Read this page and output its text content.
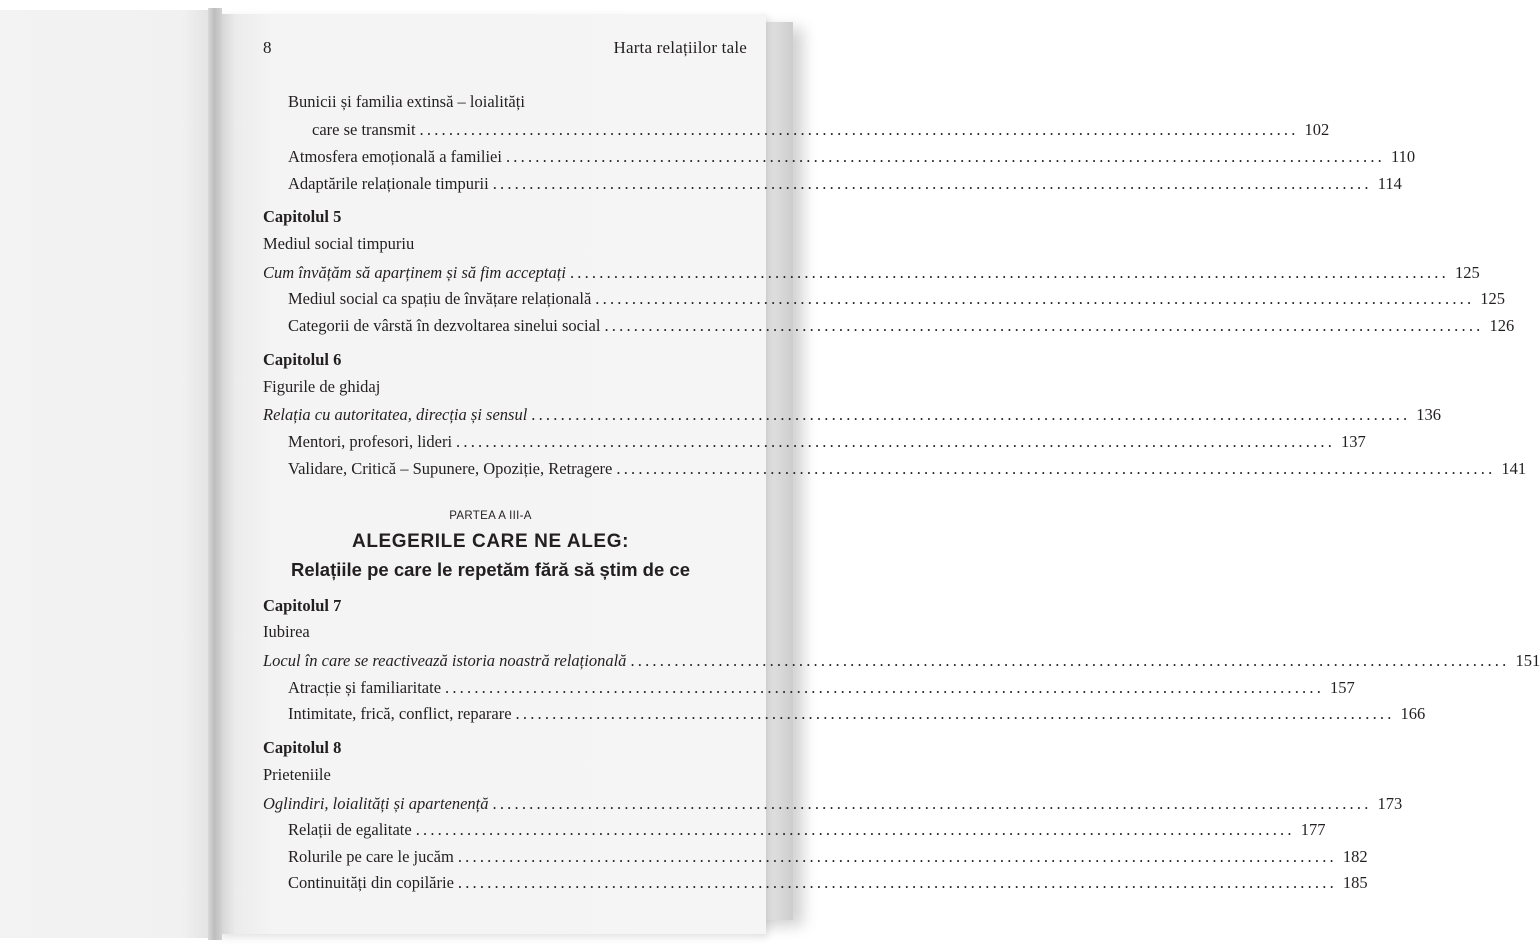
8	Harta relațiilor tale
Bunicii și familia extinsă – loialități
care se transmit ........................................................................................................................ 102
Atmosfera emoțională a familiei ........................................................................................................................ 110
Adaptările relaționale timpurii ........................................................................................................................ 114
Capitolul 5
Mediul social timpuriu
Cum învățăm să aparținem și să fim acceptați ........................................................................................................................ 125
Mediul social ca spațiu de învățare relațională ........................................................................................................................ 125
Categorii de vârstă în dezvoltarea sinelui social ........................................................................................................................ 126
Capitolul 6
Figurile de ghidaj
Relația cu autoritatea, direcția și sensul ........................................................................................................................ 136
Mentori, profesori, lideri ........................................................................................................................ 137
Validare, Critică – Supunere, Opoziție, Retragere ........................................................................................................................ 141
PARTEA A III-A
ALEGERILE CARE NE ALEG:
Relațiile pe care le repetăm fără să știm de ce
Capitolul 7
Iubirea
Locul în care se reactivează istoria noastră relațională ........................................................................................................................ 151
Atracție și familiaritate ........................................................................................................................ 157
Intimitate, frică, conflict, reparare ........................................................................................................................ 166
Capitolul 8
Prieteniile
Oglindiri, loialități și apartenență ........................................................................................................................ 173
Relații de egalitate ........................................................................................................................ 177
Rolurile pe care le jucăm ........................................................................................................................ 182
Continuități din copilărie ........................................................................................................................ 185
